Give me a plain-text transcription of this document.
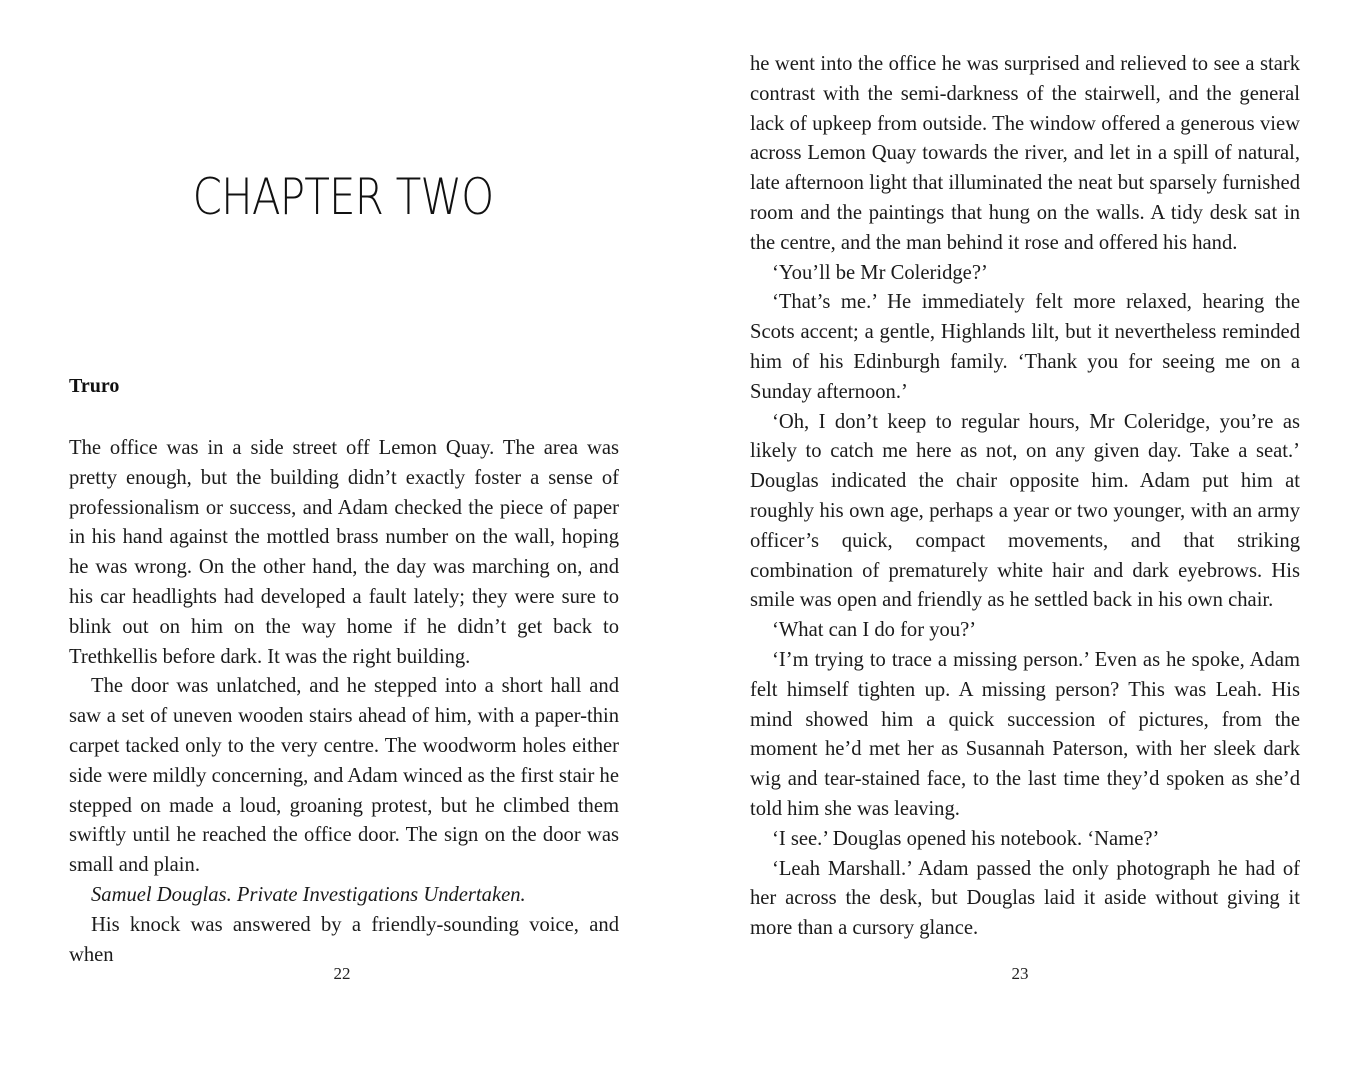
CHAPTER TWO
Truro

The office was in a side street off Lemon Quay. The area was pretty enough, but the building didn’t exactly foster a sense of professionalism or success, and Adam checked the piece of paper in his hand against the mottled brass number on the wall, hoping he was wrong. On the other hand, the day was marching on, and his car headlights had developed a fault lately; they were sure to blink out on him on the way home if he didn’t get back to Trethkellis before dark. It was the right building.

The door was unlatched, and he stepped into a short hall and saw a set of uneven wooden stairs ahead of him, with a paper-thin carpet tacked only to the very centre. The woodworm holes either side were mildly concerning, and Adam winced as the first stair he stepped on made a loud, groaning protest, but he climbed them swiftly until he reached the office door. The sign on the door was small and plain.

Samuel Douglas. Private Investigations Undertaken.

His knock was answered by a friendly-sounding voice, and when

22

he went into the office he was surprised and relieved to see a stark contrast with the semi-darkness of the stairwell, and the general lack of upkeep from outside. The window offered a generous view across Lemon Quay towards the river, and let in a spill of natural, late afternoon light that illuminated the neat but sparsely furnished room and the paintings that hung on the walls. A tidy desk sat in the centre, and the man behind it rose and offered his hand.

‘You’ll be Mr Coleridge?’

‘That’s me.’ He immediately felt more relaxed, hearing the Scots accent; a gentle, Highlands lilt, but it nevertheless reminded him of his Edinburgh family. ‘Thank you for seeing me on a Sunday afternoon.’

‘Oh, I don’t keep to regular hours, Mr Coleridge, you’re as likely to catch me here as not, on any given day. Take a seat.’ Douglas indicated the chair opposite him. Adam put him at roughly his own age, perhaps a year or two younger, with an army officer’s quick, compact movements, and that striking combination of prematurely white hair and dark eyebrows. His smile was open and friendly as he settled back in his own chair.

‘What can I do for you?’

‘I’m trying to trace a missing person.’ Even as he spoke, Adam felt himself tighten up. A missing person? This was Leah. His mind showed him a quick succession of pictures, from the moment he’d met her as Susannah Paterson, with her sleek dark wig and tear-stained face, to the last time they’d spoken as she’d told him she was leaving.

‘I see.’ Douglas opened his notebook. ‘Name?’

‘Leah Marshall.’ Adam passed the only photograph he had of her across the desk, but Douglas laid it aside without giving it more than a cursory glance.

23
